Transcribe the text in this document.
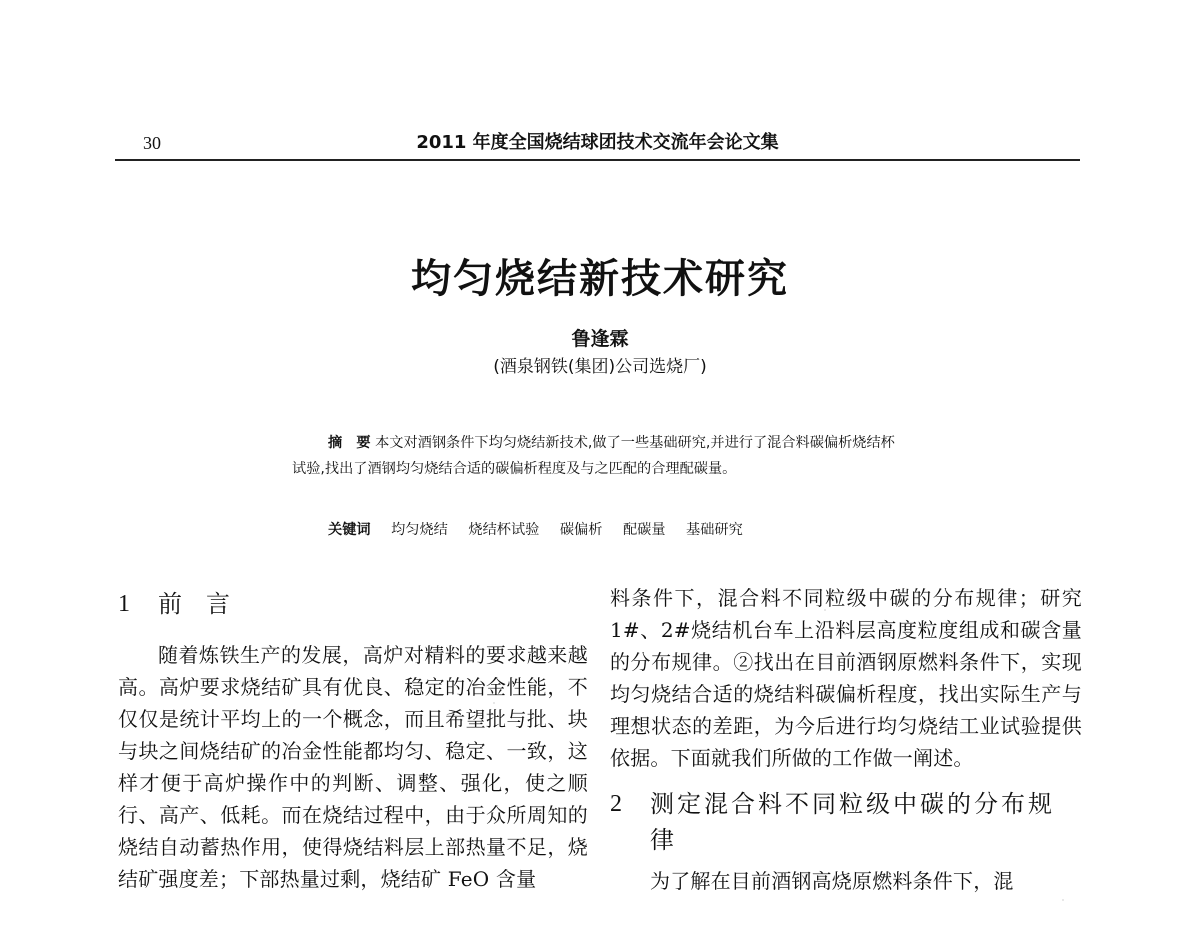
30	2011 年度全国烧结球团技术交流年会论文集
均匀烧结新技术研究
鲁逢霖
(酒泉钢铁(集团)公司选烧厂)
摘　要 本文对酒钢条件下均匀烧结新技术,做了一些基础研究,并进行了混合料碳偏析烧结杯试验,找出了酒钢均匀烧结合适的碳偏析程度及与之匹配的合理配碳量。
关键词 均匀烧结 烧结杯试验 碳偏析 配碳量 基础研究
1	前言

随着炼铁生产的发展，高炉对精料的要求越来越高。高炉要求烧结矿具有优良、稳定的冶金性能，不仅仅是统计平均上的一个概念，而且希望批与批、块与块之间烧结矿的冶金性能都均匀、稳定、一致，这样才便于高炉操作中的判断、调整、强化，使之顺行、高产、低耗。而在烧结过程中，由于众所周知的烧结自动蓄热作用，使得烧结料层上部热量不足，烧结矿强度差；下部热量过剩，烧结矿 FeO 含量

料条件下，混合料不同粒级中碳的分布规律；研究 1#、2#烧结机台车上沿料层高度粒度组成和碳含量的分布规律。②找出在目前酒钢原燃料条件下，实现均匀烧结合适的烧结料碳偏析程度，找出实际生产与理想状态的差距，为今后进行均匀烧结工业试验提供依据。下面就我们所做的工作做一阐述。

2	测定混合料不同粒级中碳的分布规律

为了解在目前酒钢高烧原燃料条件下，混
